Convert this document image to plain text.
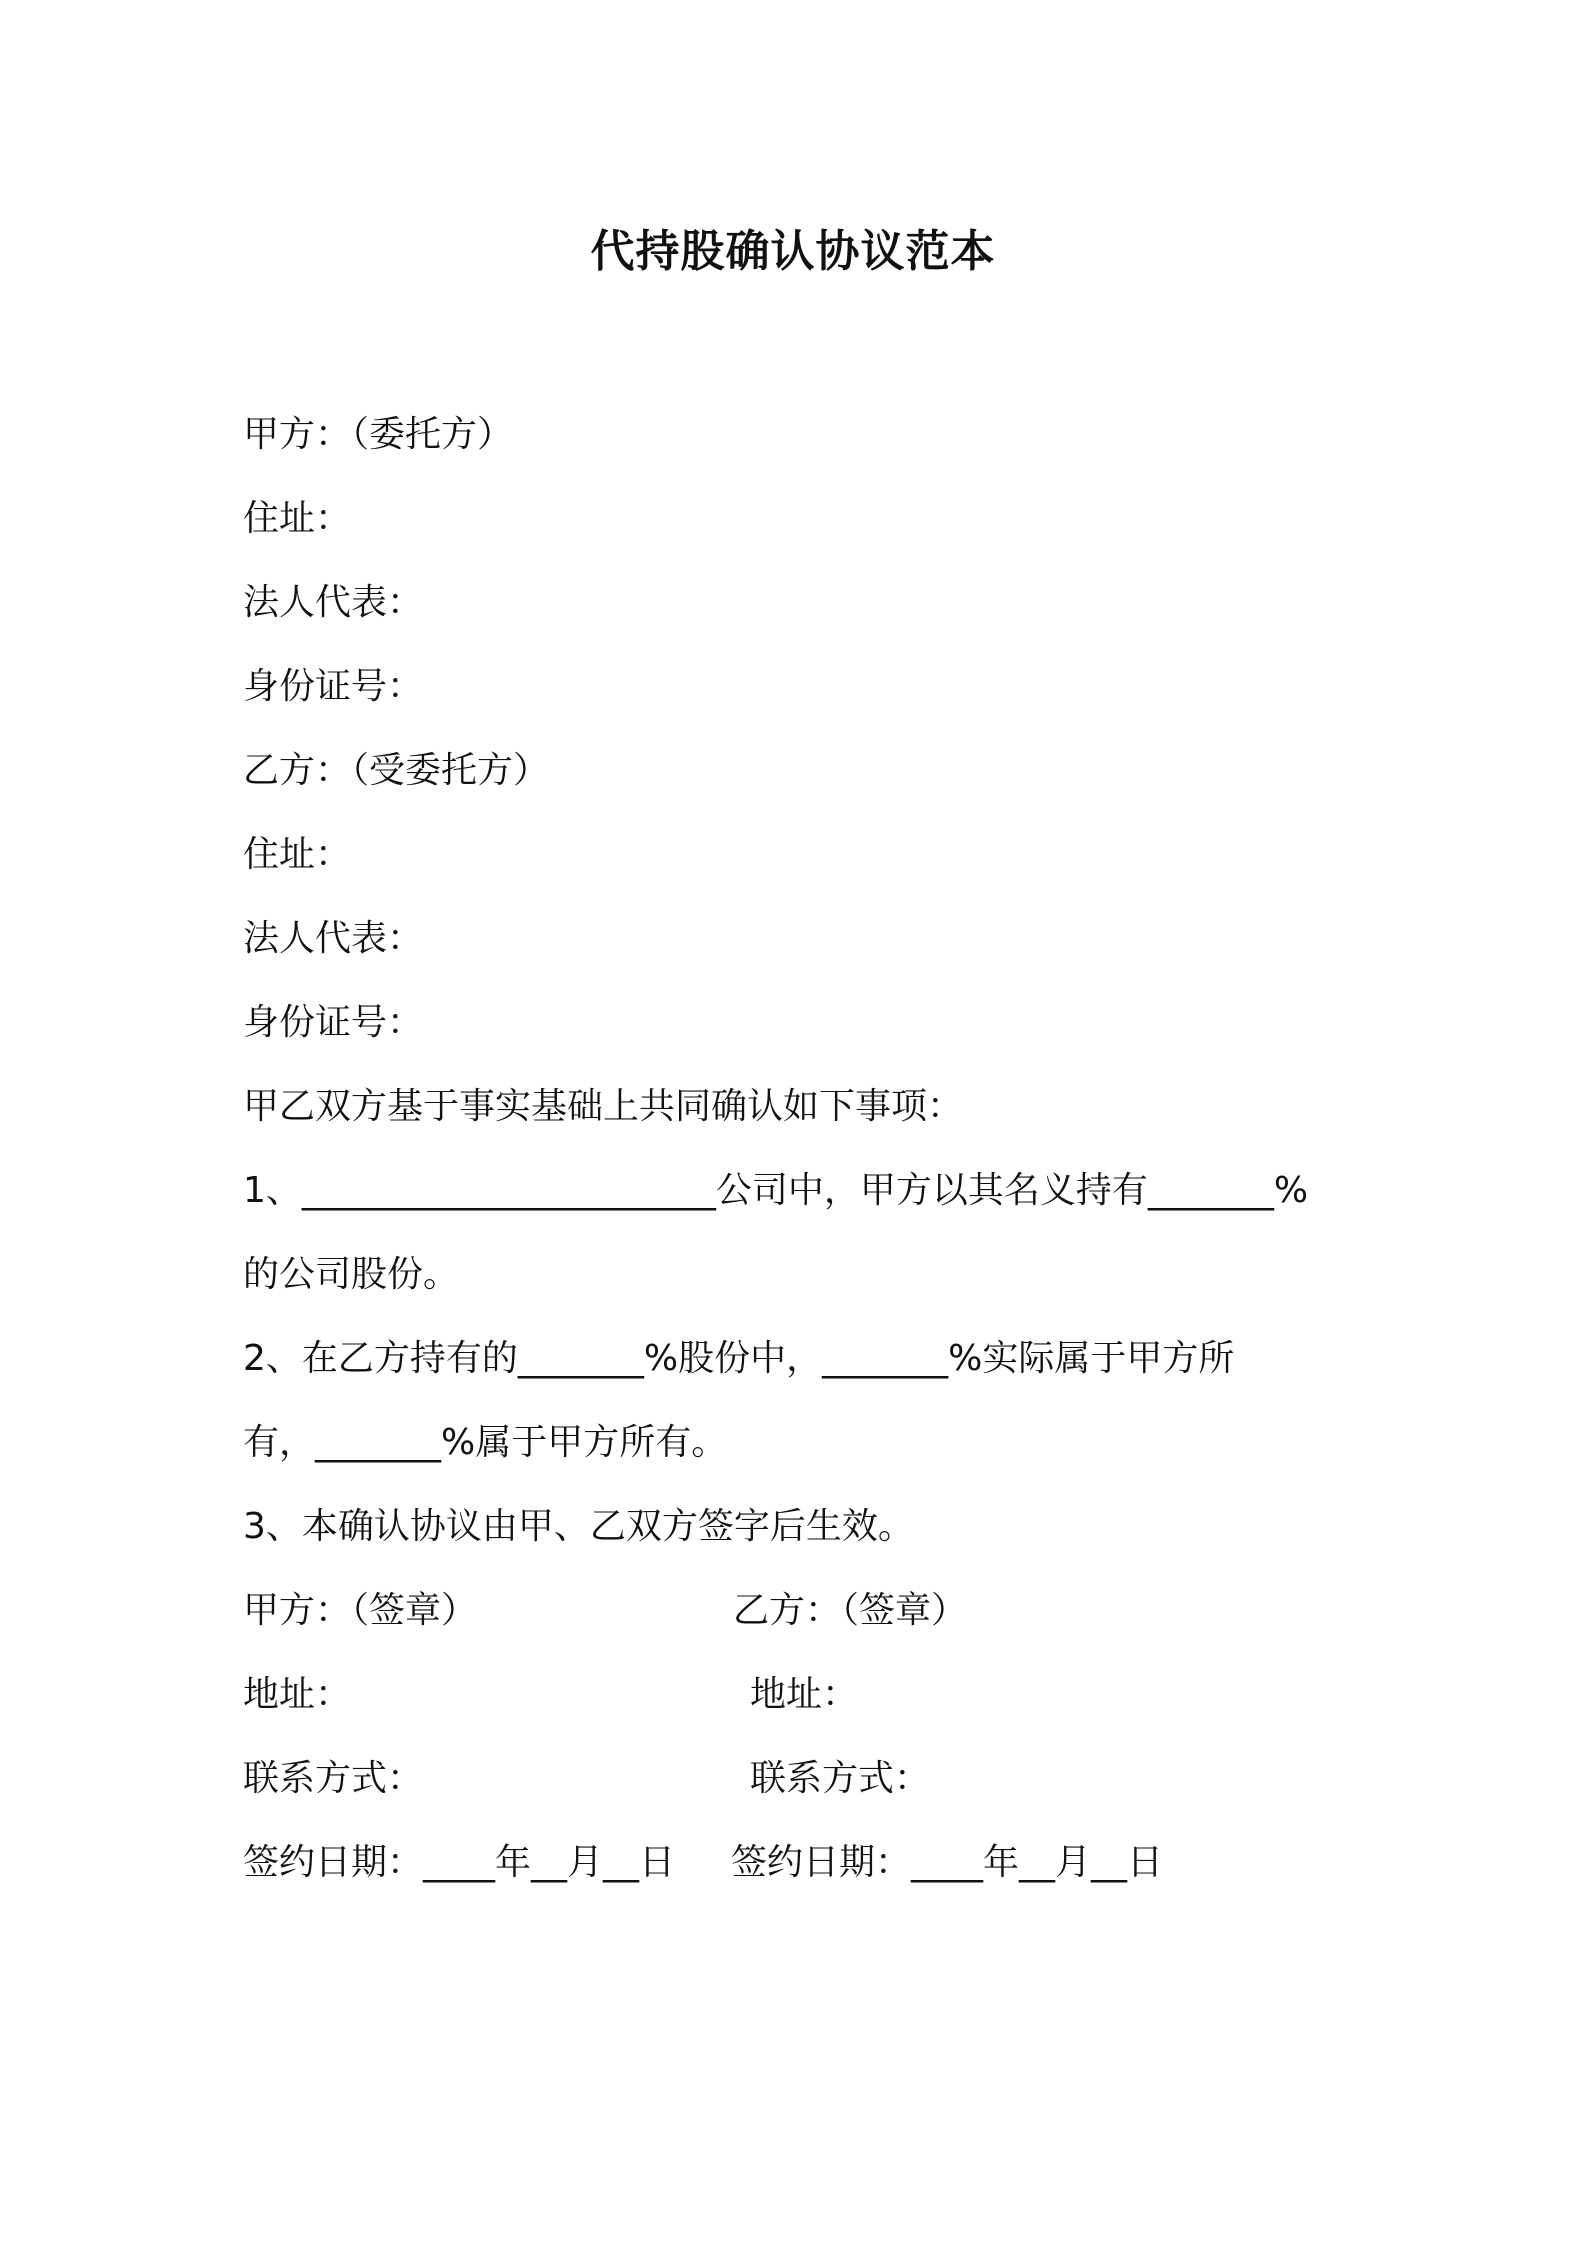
代持股确认协议范本
甲方：（委托方）
住址：
法人代表：
身份证号：
乙方：（受委托方）
住址：
法人代表：
身份证号：
甲乙双方基于事实基础上共同确认如下事项：
1、_______________________公司中，甲方以其名义持有_______%
的公司股份。
2、在乙方持有的_______%股份中，_______%实际属于甲方所
有，_______%属于甲方所有。
3、本确认协议由甲、乙双方签字后生效。
甲方：（签章）	乙方：（签章）
地址：	地址：
联系方式：	联系方式：
签约日期：____年__月__日 签约日期：____年__月__日
